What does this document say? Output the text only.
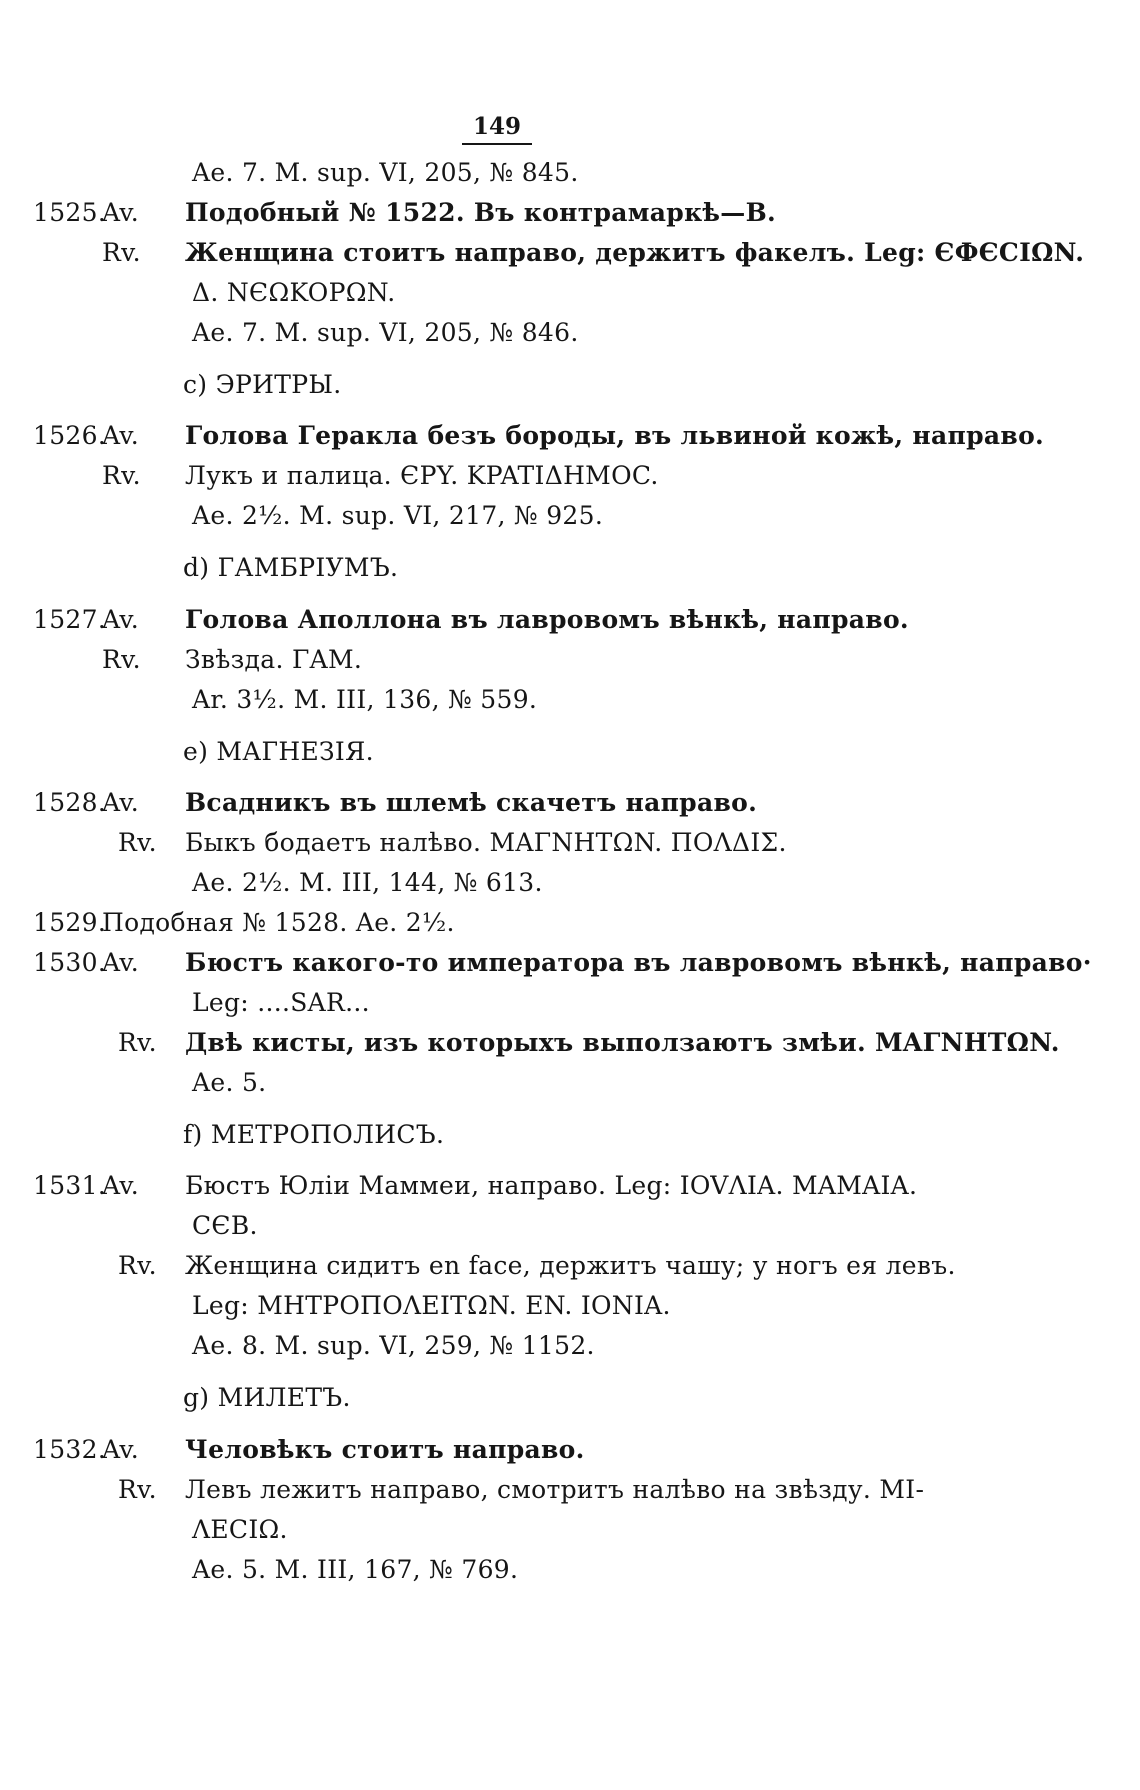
149
Ae. 7. M. sup. VI, 205, № 845.
1525.
Av. Подобный № 1522. Въ контрамаркѣ—В.
Rv. Женщина стоитъ направо, держитъ факелъ. Leg: ЄФЄCIΩN.
Δ. NЄΩKOPΩN.
Ae. 7. M. sup. VI, 205, № 846.
c) ЭРИТРЫ.
1526.
Av. Голова Геракла безъ бороды, въ львиной кожѣ, направо.
Rv. Лукъ и палица. ЄPY. KPATIΔHMOC.
Ae. 2½. M. sup. VI, 217, № 925.
d) ГАМБРІУМЪ.
1527.
Av. Голова Аполлона въ лавровомъ вѣнкѣ, направо.
Rv. Звѣзда. ΓAM.
Ar. 3½. M. III, 136, № 559.
e) МАГНЕЗІЯ.
1528.
Av. Всадникъ въ шлемѣ скачетъ направо.
Rv. Быкъ бодаетъ налѣво. MAΓNHTΩN. ΠOΛΔIΣ.
Ae. 2½. M. III, 144, № 613.
1529.
Подобная № 1528. Ae. 2½.
1530.
Av. Бюстъ какого-то императора въ лавровомъ вѣнкѣ, направо·
Leg: ....SAR...
Rv. Двѣ кисты, изъ которыхъ выползаютъ змѣи. MAΓNHTΩN.
Ae. 5.
f) МЕТРОПОЛИСЪ.
1531.
Av. Бюстъ Юліи Маммеи, направо. Leg: IOVΛIA. MAMAIA.
CЄB.
Rv. Женщина сидитъ en face, держитъ чашу; у ногъ ея левъ.
Leg: MHTPOΠOΛEITΩN. EN. IONIA.
Ae. 8. M. sup. VI, 259, № 1152.
g) МИЛЕТЪ.
1532.
Av. Человѣкъ стоитъ направо.
Rv. Левъ лежитъ направо, смотритъ налѣво на звѣзду. MI-
ΛECIΩ.
Ae. 5. M. III, 167, № 769.
